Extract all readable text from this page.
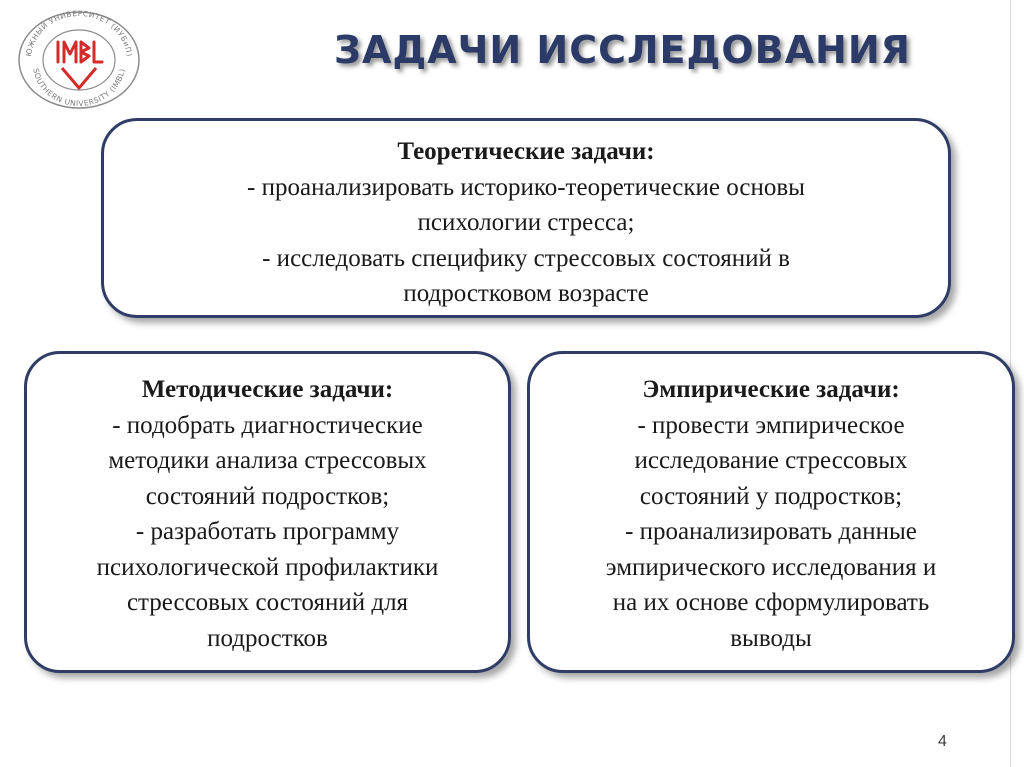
ЮЖНЫЙ УНИВЕРСИТЕТ (ИУБиП)
SOUTHERN UNIVERSITY (IMBL)	ЗАДАЧИ ИССЛЕДОВАНИЯ
Теоретические задачи:
- проанализировать историко-теоретические основы
психологии стресса;
- исследовать специфику стрессовых состояний в
подростковом возрасте
Методические задачи:
- подобрать диагностические
методики анализа стрессовых
состояний подростков;
- разработать программу
психологической профилактики
стрессовых состояний для
подростков
Эмпирические задачи:
- провести эмпирическое
исследование стрессовых
состояний у подростков;
- проанализировать данные
эмпирического исследования и
на их основе сформулировать
выводы
4
